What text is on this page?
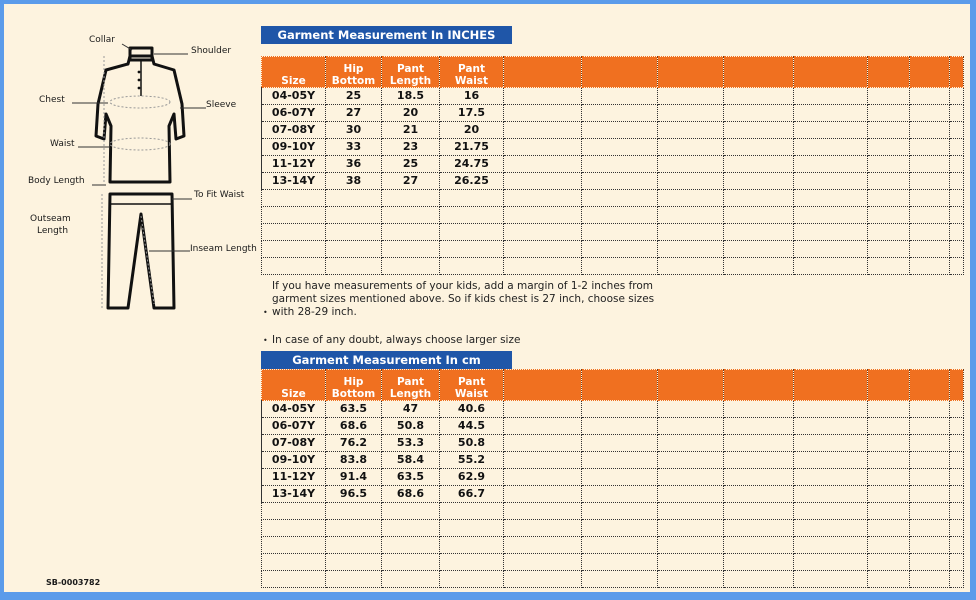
Collar
Shoulder
Chest	Sleeve
Waist
Body Length
To Fit Waist
Outseam
Length
Inseam Length
SB-0003782
Garment Measurement In INCHES
Size	Hip Bottom	Pant Length	Pant Waist								
04-05Y	25	18.5	16								
06-07Y	27	20	17.5								
07-08Y	30	21	20								
09-10Y	33	23	21.75								
11-12Y	36	25	24.75								
13-14Y	38	27	26.25								

If you have measurements of your kids, add a margin of 1-2 inches from
garment sizes mentioned above. So if kids chest is 27 inch, choose sizes
• with 28-29 inch.
• In case of any doubt, always choose larger size
Garment Measurement In cm
Size	Hip Bottom	Pant Length	Pant Waist								
04-05Y	63.5	47	40.6								
06-07Y	68.6	50.8	44.5								
07-08Y	76.2	53.3	50.8								
09-10Y	83.8	58.4	55.2								
11-12Y	91.4	63.5	62.9								
13-14Y	96.5	68.6	66.7								
